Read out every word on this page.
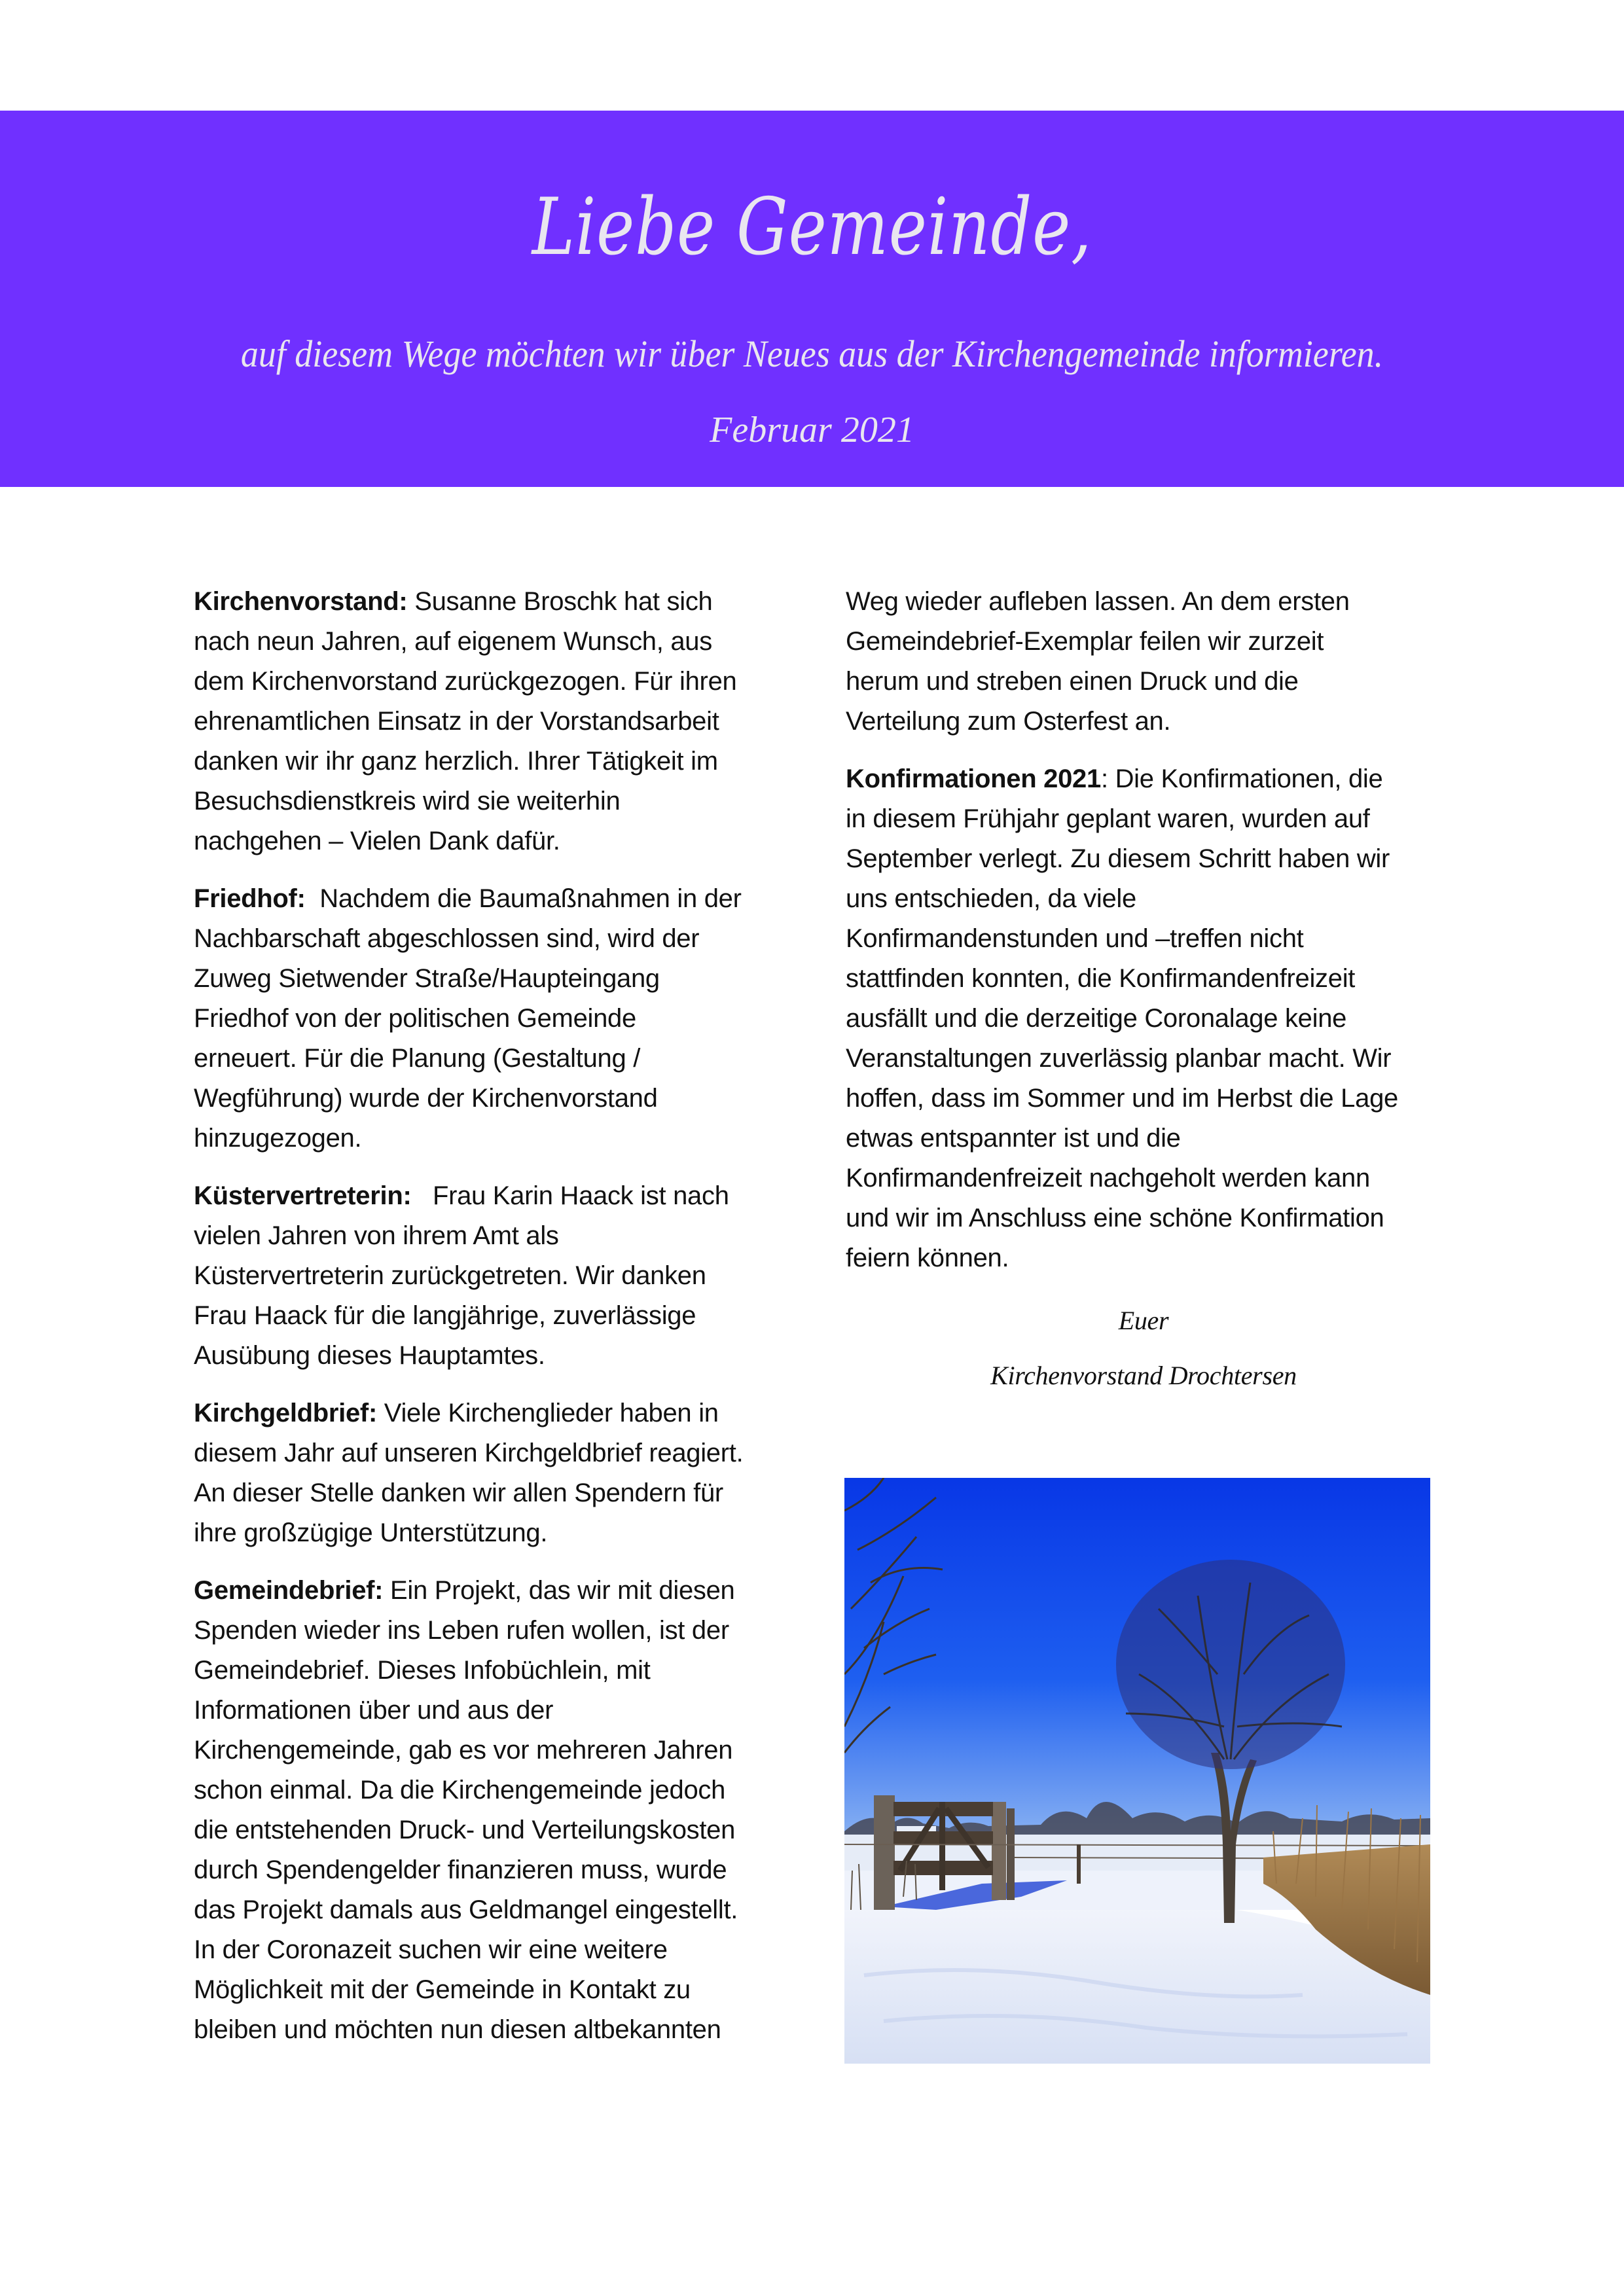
Liebe Gemeinde,
auf diesem Wege möchten wir über Neues aus der Kirchengemeinde informieren.
Februar 2021

Kirchenvorstand: Susanne Broschk hat sich
nach neun Jahren, auf eigenem Wunsch, aus
dem Kirchenvorstand zurückgezogen. Für ihren
ehrenamtlichen Einsatz in der Vorstandsarbeit
danken wir ihr ganz herzlich. Ihrer Tätigkeit im
Besuchsdienstkreis wird sie weiterhin
nachgehen – Vielen Dank dafür.

Friedhof:  Nachdem die Baumaßnahmen in der
Nachbarschaft abgeschlossen sind, wird der
Zuweg Sietwender Straße/Haupteingang
Friedhof von der politischen Gemeinde
erneuert. Für die Planung (Gestaltung /
Wegführung) wurde der Kirchenvorstand
hinzugezogen.

Küstervertreterin:   Frau Karin Haack ist nach
vielen Jahren von ihrem Amt als
Küstervertreterin zurückgetreten. Wir danken
Frau Haack für die langjährige, zuverlässige
Ausübung dieses Hauptamtes.

Kirchgeldbrief: Viele Kirchenglieder haben in
diesem Jahr auf unseren Kirchgeldbrief reagiert.
An dieser Stelle danken wir allen Spendern für
ihre großzügige Unterstützung.

Gemeindebrief: Ein Projekt, das wir mit diesen
Spenden wieder ins Leben rufen wollen, ist der
Gemeindebrief. Dieses Infobüchlein, mit
Informationen über und aus der
Kirchengemeinde, gab es vor mehreren Jahren
schon einmal. Da die Kirchengemeinde jedoch
die entstehenden Druck- und Verteilungskosten
durch Spendengelder finanzieren muss, wurde
das Projekt damals aus Geldmangel eingestellt.
In der Coronazeit suchen wir eine weitere
Möglichkeit mit der Gemeinde in Kontakt zu
bleiben und möchten nun diesen altbekannten

Weg wieder aufleben lassen. An dem ersten
Gemeindebrief-Exemplar feilen wir zurzeit
herum und streben einen Druck und die
Verteilung zum Osterfest an.

Konfirmationen 2021: Die Konfirmationen, die
in diesem Frühjahr geplant waren, wurden auf
September verlegt. Zu diesem Schritt haben wir
uns entschieden, da viele
Konfirmandenstunden und –treffen nicht
stattfinden konnten, die Konfirmandenfreizeit
ausfällt und die derzeitige Coronalage keine
Veranstaltungen zuverlässig planbar macht. Wir
hoffen, dass im Sommer und im Herbst die Lage
etwas entspannter ist und die
Konfirmandenfreizeit nachgeholt werden kann
und wir im Anschluss eine schöne Konfirmation
feiern können.

Euer
Kirchenvorstand Drochtersen
